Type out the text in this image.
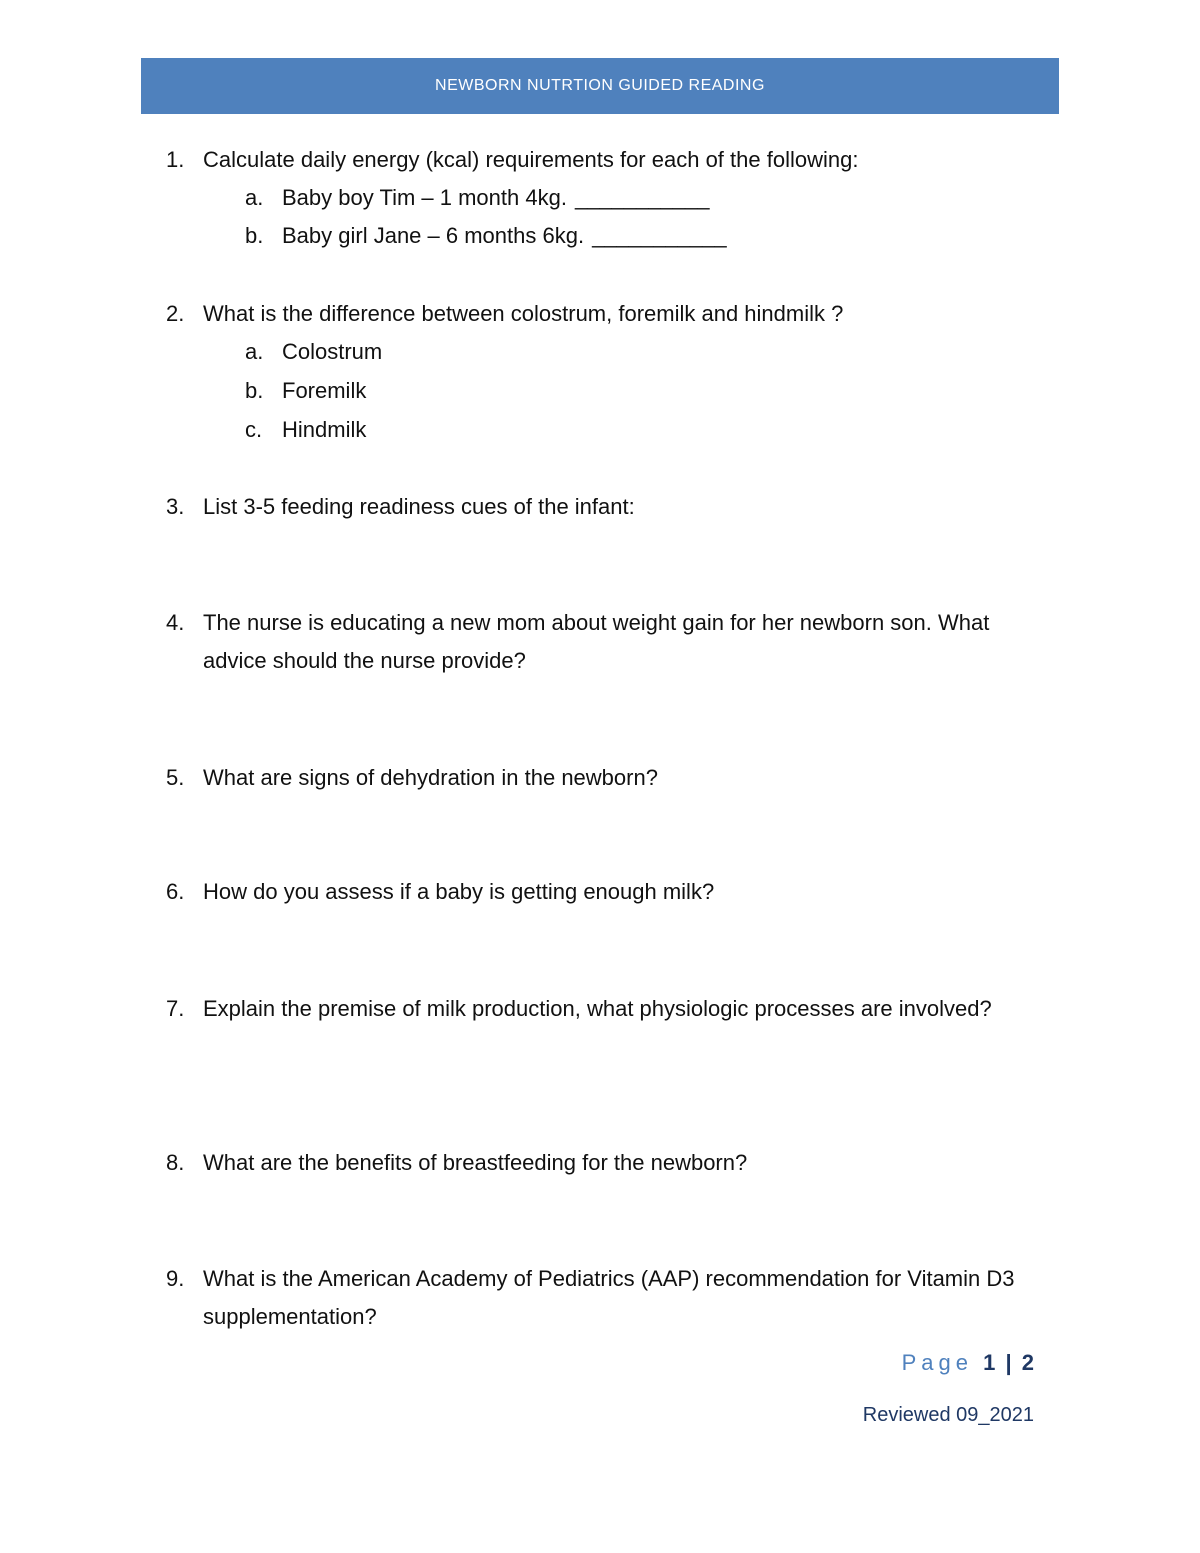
NEWBORN NUTRTION GUIDED READING
1. Calculate daily energy (kcal) requirements for each of the following:
a. Baby boy Tim – 1 month 4kg. ___________
b. Baby girl Jane – 6 months 6kg. ___________
2. What is the difference between colostrum, foremilk and hindmilk ?
a. Colostrum
b. Foremilk
c. Hindmilk
3. List 3-5 feeding readiness cues of the infant:
4. The nurse is educating a new mom about weight gain for her newborn son. What advice should the nurse provide?
5. What are signs of dehydration in the newborn?
6. How do you assess if a baby is getting enough milk?
7. Explain the premise of milk production, what physiologic processes are involved?
8. What are the benefits of breastfeeding for the newborn?
9. What is the American Academy of Pediatrics (AAP) recommendation for Vitamin D3 supplementation?
Page 1 | 2
Reviewed 09_2021
